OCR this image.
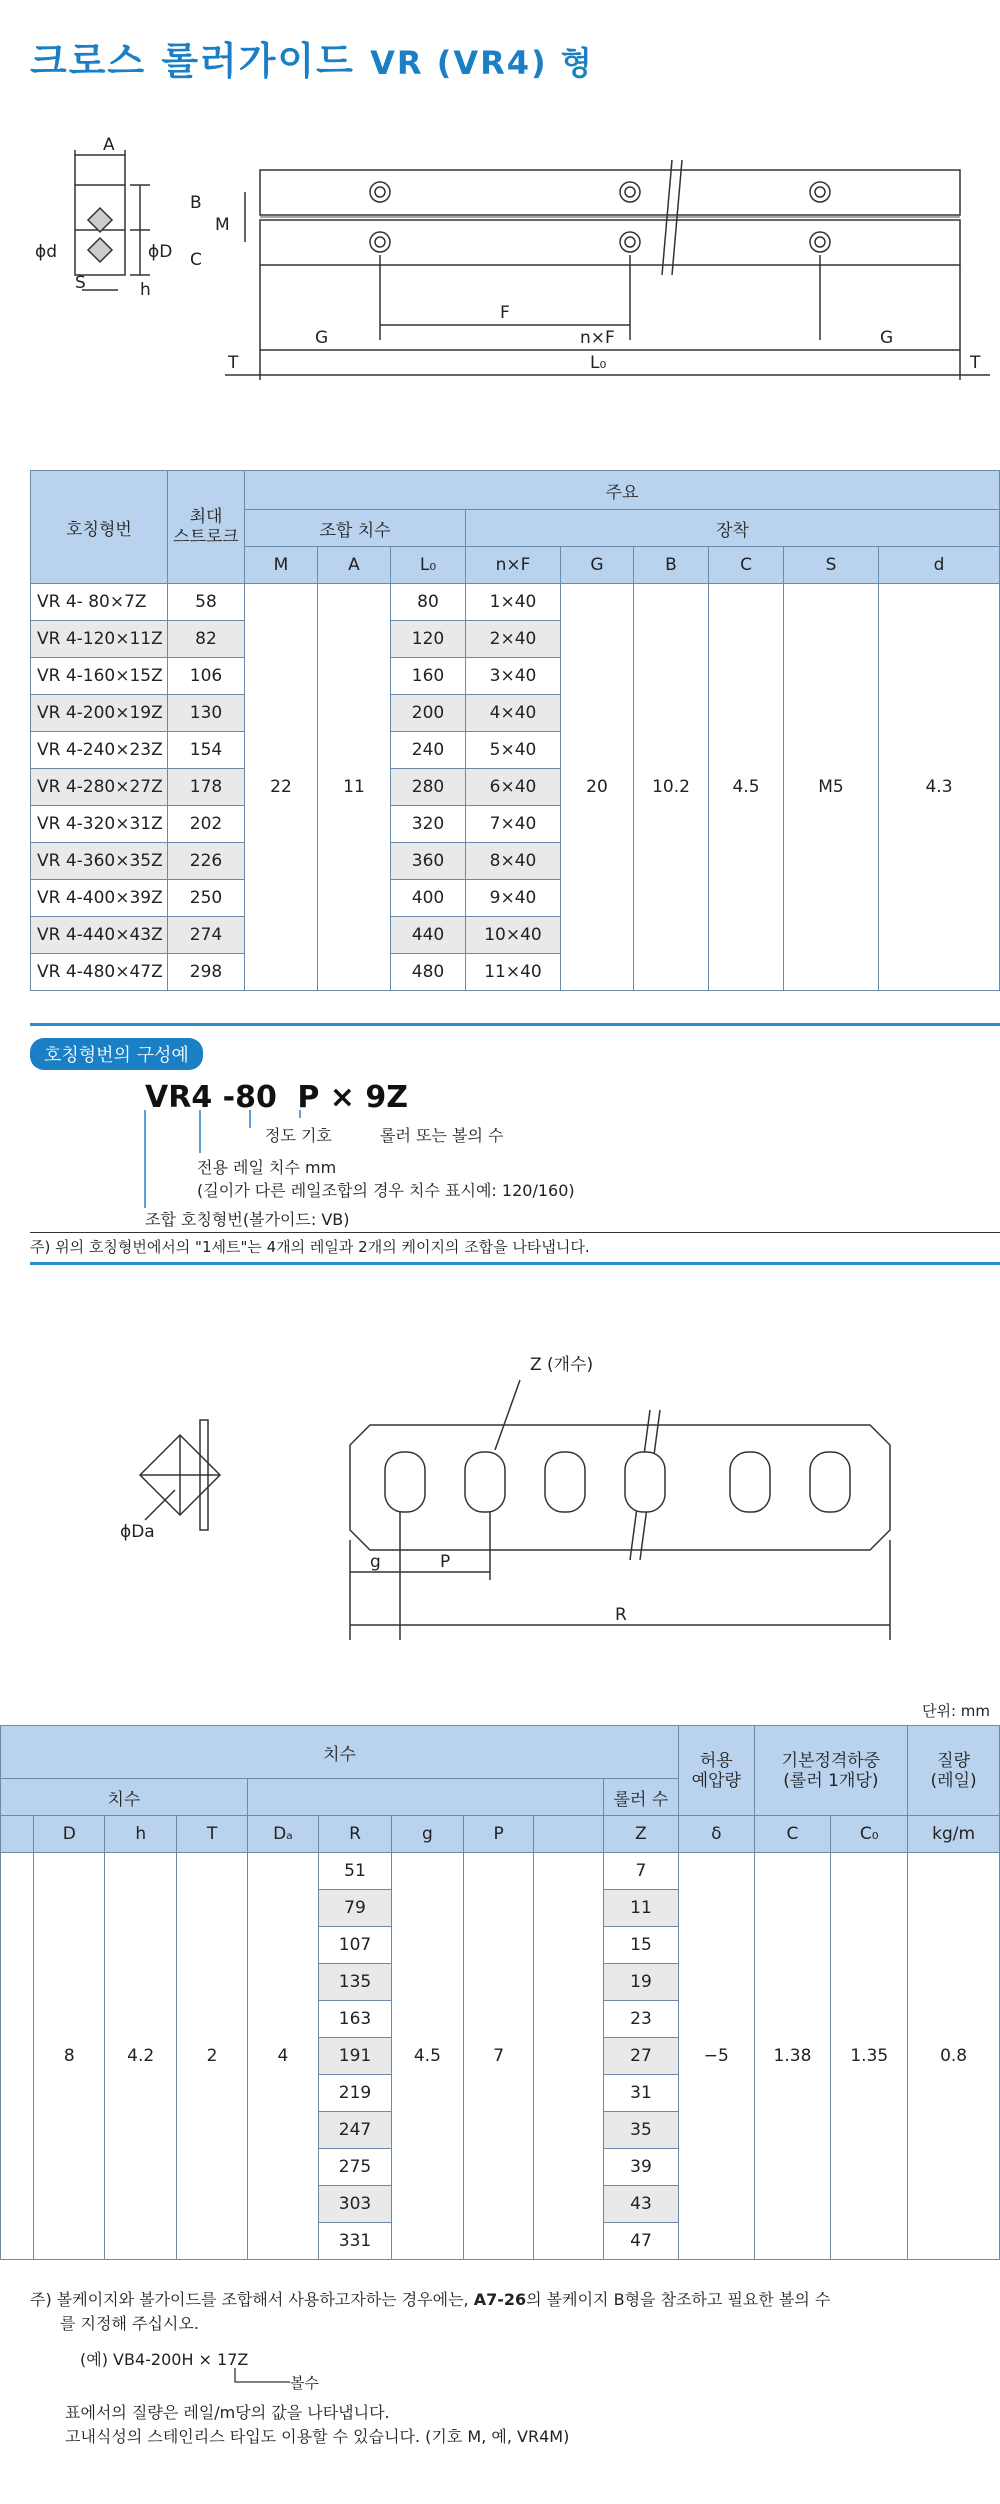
크로스 롤러가이드 VR (VR4) 형
A
B
M
C
ϕd	ϕD
S	h
F
G	n×F	G
T	L₀	T
호칭형번	최대
스트로크	주요								
		조합 치수			장착					
		M	A	L₀	n×F	G	B	C	S	d
VR 4- 80×7Z	58	22	11	80	1×40	20	10.2	4.5	M5	4.3
VR 4-120×11Z	82			120	2×40					
VR 4-160×15Z	106			160	3×40					
VR 4-200×19Z	130			200	4×40					
VR 4-240×23Z	154			240	5×40					
VR 4-280×27Z	178			280	6×40					
VR 4-320×31Z	202			320	7×40					
VR 4-360×35Z	226			360	8×40					
VR 4-400×39Z	250			400	9×40					
VR 4-440×43Z	274			440	10×40					
VR 4-480×47Z	298			480	11×40					
호칭형번의 구성예
VR4 -80 P × 9Z
정도 기호	롤러 또는 볼의 수
전용 레일 치수 mm
(길이가 다른 레일조합의 경우 치수 표시예: 120/160)
조합 호칭형번(볼가이드: VB)
주) 위의 호칭형번에서의 "1세트"는 4개의 레일과 2개의 케이지의 조합을 나타냅니다.
Z (개수)
ϕDa
g	P
R
단위: mm
치수										허용
예압량	기본정격하중
(롤러 1개당)		질량
(레일)
치수									롤러 수				
	D	h	T	Dₐ	R	g	P		Z	δ	C	C₀	kg/m
	8	4.2	2	4	51	4.5	7		7	−5	1.38	1.35	0.8
					79				11				
					107				15				
					135				19				
					163				23				
					191				27				
					219				31				
					247				35				
					275				39				
					303				43				
					331				47				
주) 볼케이지와 볼가이드를 조합해서 사용하고자하는 경우에는, A7-26의 볼케이지 B형을 참조하고 필요한 볼의 수
를 지정해 주십시오.
(예) VB4-200H × 17Z
볼수
표에서의 질량은 레일/m당의 값을 나타냅니다.
고내식성의 스테인리스 타입도 이용할 수 있습니다. (기호 M, 예, VR4M)
